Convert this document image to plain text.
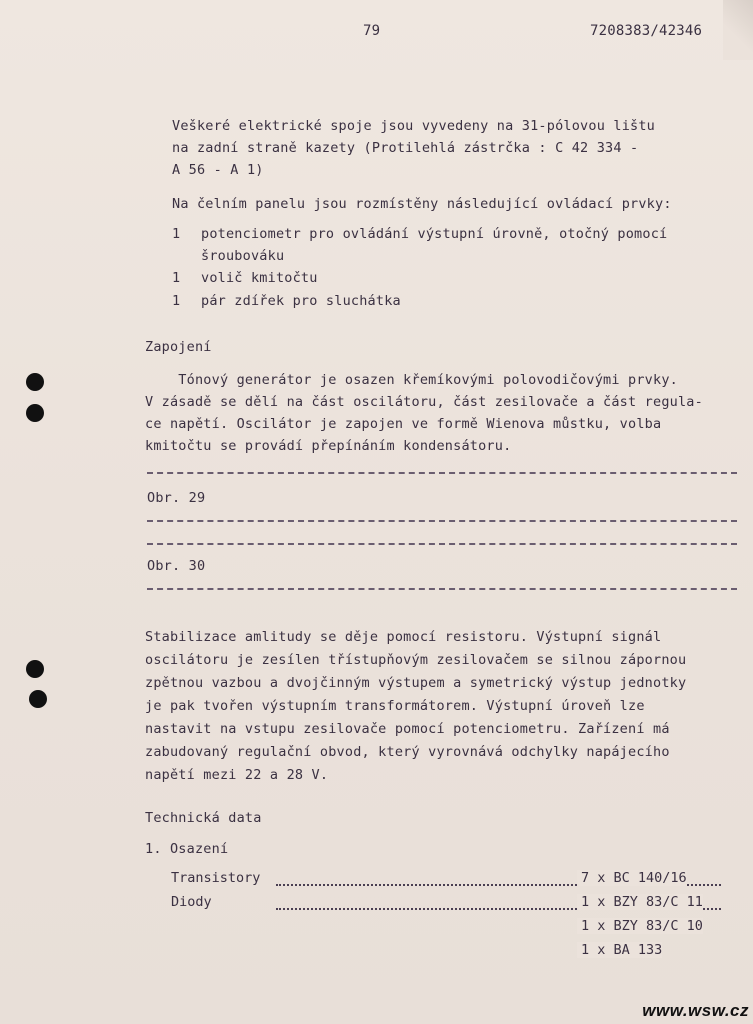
79	7208383/42346
Veškeré elektrické spoje jsou vyvedeny na 31-pólovou lištu
na zadní straně kazety (Protilehlá zástrčka : C 42 334 -
A 56 - A 1)
Na čelním panelu jsou rozmístěny následující ovládací prvky:
1 potenciometr pro ovládání výstupní úrovně, otočný pomocí
šroubováku
1 volič kmitočtu
1 pár zdířek pro sluchátka
Zapojení
Tónový generátor je osazen křemíkovými polovodičovými prvky.
V zásadě se dělí na část oscilátoru, část zesilovače a část regula-
ce napětí. Oscilátor je zapojen ve formě Wienova můstku, volba
kmitočtu se provádí přepínáním kondensátoru.
Obr. 29
Obr. 30
Stabilizace amlitudy se děje pomocí resistoru. Výstupní signál
oscilátoru je zesílen třístupňovým zesilovačem se silnou zápornou
zpětnou vazbou a dvojčinným výstupem a symetrický výstup jednotky
je pak tvořen výstupním transformátorem. Výstupní úroveň lze
nastavit na vstupu zesilovače pomocí potenciometru. Zařízení má
zabudovaný regulační obvod, který vyrovnává odchylky napájecího
napětí mezi 22 a 28 V.
Technická data
1. Osazení
Transistory	7 x BC 140/16
Diody	1 x BZY 83/C 11
1 x BZY 83/C 10
1 x BA 133
www.wsw.cz
